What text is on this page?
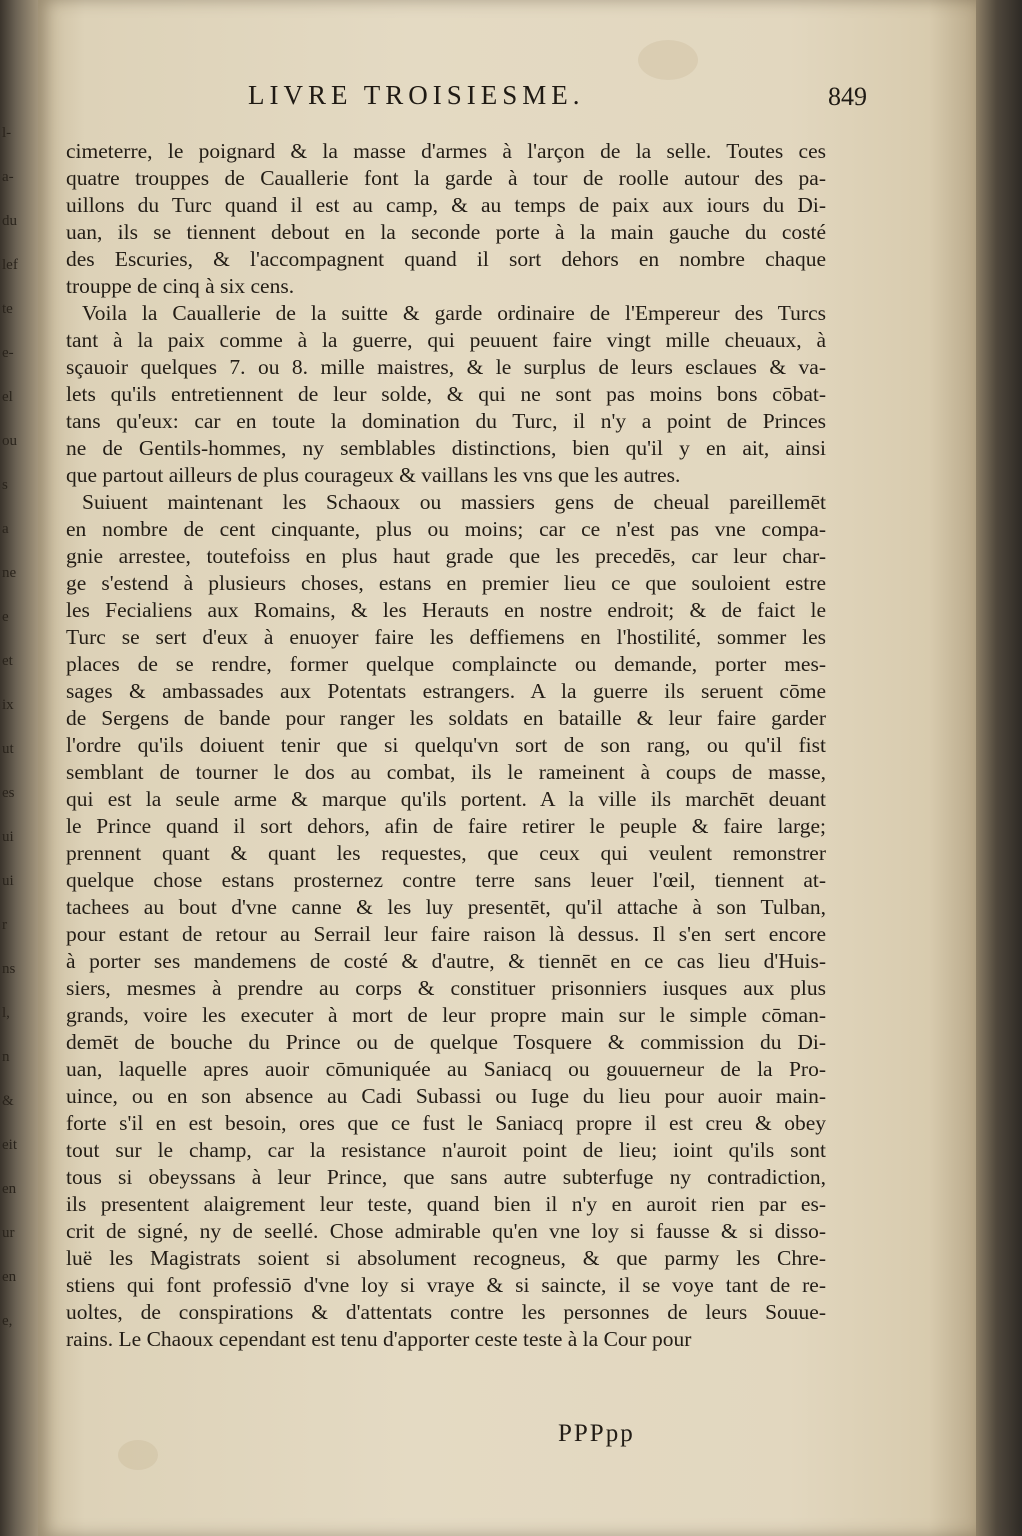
l-
a-
du
lef
te
e-
el
ou
s
a
ne
e
et
ix
ut
es
ui
ui
r
ns
l,
n
&
eit
en
ur
en
e,
LIVRE TROISIESME.	849
cimeterre, le poignard & la masse d'armes à l'arçon de la selle. Toutes ces
quatre trouppes de Cauallerie font la garde à tour de roolle autour des pa-
uillons du Turc quand il est au camp, & au temps de paix aux iours du Di-
uan, ils se tiennent debout en la seconde porte à la main gauche du costé
des Escuries, & l'accompagnent quand il sort dehors en nombre chaque
trouppe de cinq à six cens.
Voila la Cauallerie de la suitte & garde ordinaire de l'Empereur des Turcs
tant à la paix comme à la guerre, qui peuuent faire vingt mille cheuaux, à
sçauoir quelques 7. ou 8. mille maistres, & le surplus de leurs esclaues & va-
lets qu'ils entretiennent de leur solde, & qui ne sont pas moins bons cōbat-
tans qu'eux: car en toute la domination du Turc, il n'y a point de Princes
ne de Gentils-hommes, ny semblables distinctions, bien qu'il y en ait, ainsi
que partout ailleurs de plus courageux & vaillans les vns que les autres.
Suiuent maintenant les Schaoux ou massiers gens de cheual pareillemēt
en nombre de cent cinquante, plus ou moins; car ce n'est pas vne compa-
gnie arrestee, toutefoiss en plus haut grade que les precedēs, car leur char-
ge s'estend à plusieurs choses, estans en premier lieu ce que souloient estre
les Fecialiens aux Romains, & les Herauts en nostre endroit; & de faict le
Turc se sert d'eux à enuoyer faire les deffiemens en l'hostilité, sommer les
places de se rendre, former quelque complaincte ou demande, porter mes-
sages & ambassades aux Potentats estrangers. A la guerre ils seruent cōme
de Sergens de bande pour ranger les soldats en bataille & leur faire garder
l'ordre qu'ils doiuent tenir que si quelqu'vn sort de son rang, ou qu'il fist
semblant de tourner le dos au combat, ils le rameinent à coups de masse,
qui est la seule arme & marque qu'ils portent. A la ville ils marchēt deuant
le Prince quand il sort dehors, afin de faire retirer le peuple & faire large;
prennent quant & quant les requestes, que ceux qui veulent remonstrer
quelque chose estans prosternez contre terre sans leuer l'œil, tiennent at-
tachees au bout d'vne canne & les luy presentēt, qu'il attache à son Tulban,
pour estant de retour au Serrail leur faire raison là dessus. Il s'en sert encore
à porter ses mandemens de costé & d'autre, & tiennēt en ce cas lieu d'Huis-
siers, mesmes à prendre au corps & constituer prisonniers iusques aux plus
grands, voire les executer à mort de leur propre main sur le simple cōman-
demēt de bouche du Prince ou de quelque Tosquere & commission du Di-
uan, laquelle apres auoir cōmuniquée au Saniacq ou gouuerneur de la Pro-
uince, ou en son absence au Cadi Subassi ou Iuge du lieu pour auoir main-
forte s'il en est besoin, ores que ce fust le Saniacq propre il est creu & obey
tout sur le champ, car la resistance n'auroit point de lieu; ioint qu'ils sont
tous si obeyssans à leur Prince, que sans autre subterfuge ny contradiction,
ils presentent alaigrement leur teste, quand bien il n'y en auroit rien par es-
crit de signé, ny de seellé. Chose admirable qu'en vne loy si fausse & si disso-
luë les Magistrats soient si absolument recogneus, & que parmy les Chre-
stiens qui font professiō d'vne loy si vraye & si saincte, il se voye tant de re-
uoltes, de conspirations & d'attentats contre les personnes de leurs Souue-
rains. Le Chaoux cependant est tenu d'apporter ceste teste à la Cour pour
PPPpp
